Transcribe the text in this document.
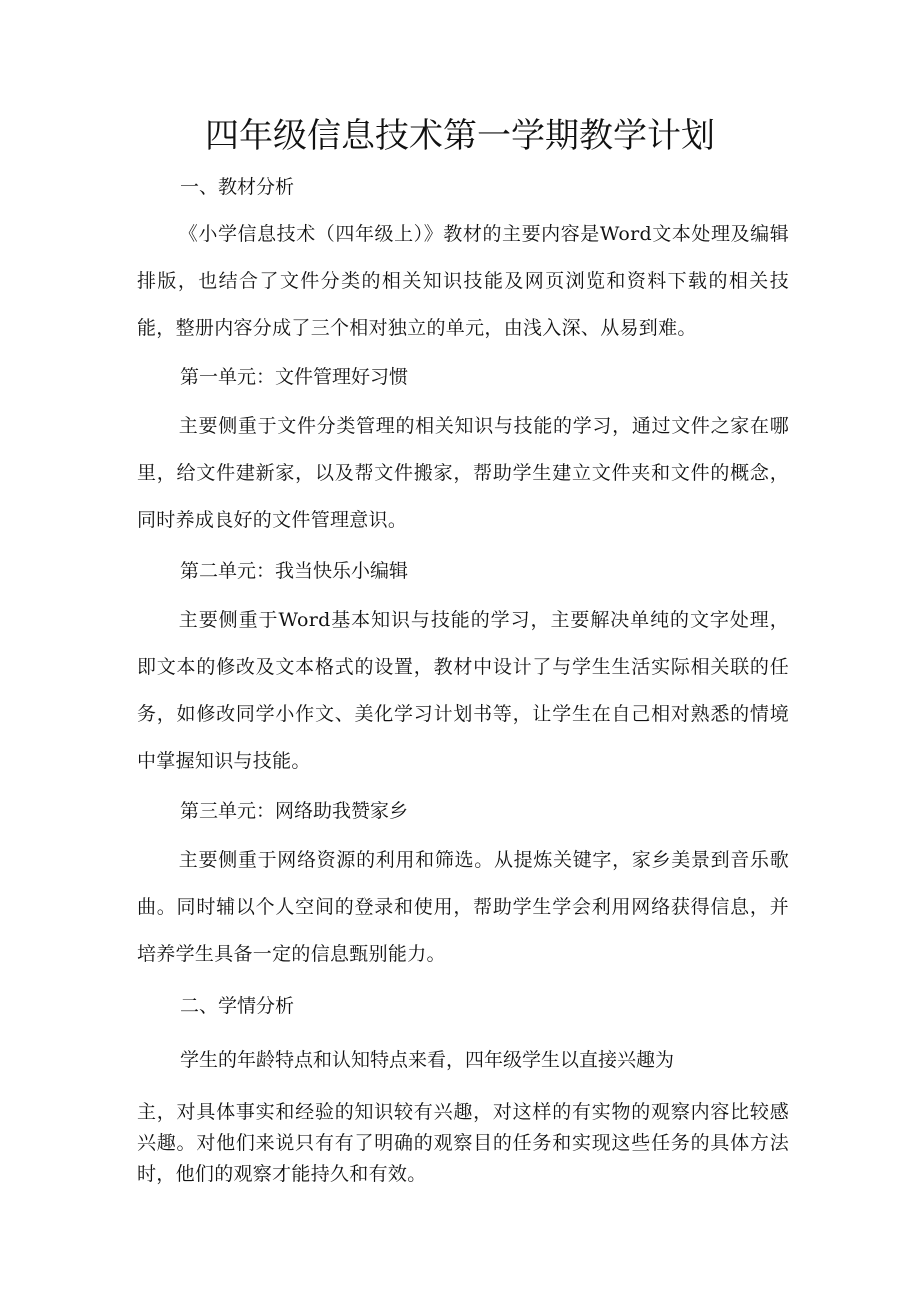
四年级信息技术第一学期教学计划

一、教材分析

《小学信息技术（四年级上）》教材的主要内容是Word文本处理及编辑排版，也结合了文件分类的相关知识技能及网页浏览和资料下载的相关技能，整册内容分成了三个相对独立的单元，由浅入深、从易到难。

第一单元：文件管理好习惯

主要侧重于文件分类管理的相关知识与技能的学习，通过文件之家在哪里，给文件建新家，以及帮文件搬家，帮助学生建立文件夹和文件的概念，同时养成良好的文件管理意识。

第二单元：我当快乐小编辑

主要侧重于Word基本知识与技能的学习，主要解决单纯的文字处理，即文本的修改及文本格式的设置，教材中设计了与学生生活实际相关联的任务，如修改同学小作文、美化学习计划书等，让学生在自己相对熟悉的情境中掌握知识与技能。

第三单元：网络助我赞家乡

主要侧重于网络资源的利用和筛选。从提炼关键字，家乡美景到音乐歌曲。同时辅以个人空间的登录和使用，帮助学生学会利用网络获得信息，并培养学生具备一定的信息甄别能力。

二、学情分析

学生的年龄特点和认知特点来看，四年级学生以直接兴趣为

主，对具体事实和经验的知识较有兴趣，对这样的有实物的观察内容比较感兴趣。对他们来说只有有了明确的观察目的任务和实现这些任务的具体方法时，他们的观察才能持久和有效。
